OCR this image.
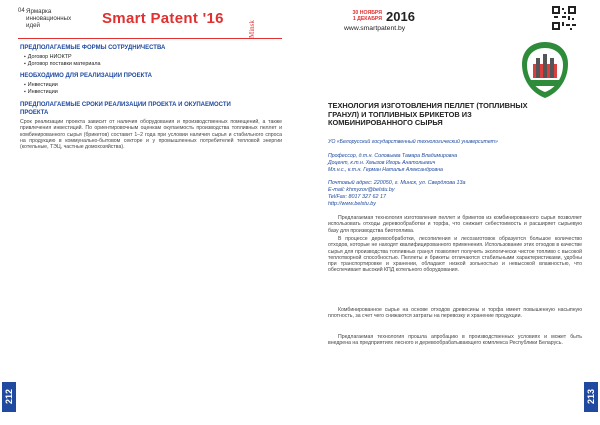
04 Ярмарка
инновационных
идей	Smart Patent '16
Minsk
ПРЕДПОЛАГАЕМЫЕ ФОРМЫ СОТРУДНИЧЕСТВА
▪ Договор НИОКТР
▪ Договор поставки материала
НЕОБХОДИМО ДЛЯ РЕАЛИЗАЦИИ ПРОЕКТА
▪ Инвестиции
▪ Инвестиции
ПРЕДПОЛАГАЕМЫЕ СРОКИ РЕАЛИЗАЦИИ ПРОЕКТА И ОКУПАЕМОСТИ
ПРОЕКТА
Срок реализации проекта зависит от наличия оборудования и производственных помещений, а также привлечения инвестиций. По ориентировочным оценкам окупаемость производства топливных пеллет и комбинированного сырья (брикетов) составит 1–2 года при условии наличия сырья и стабильного спроса на продукцию в коммунально-бытовом секторе и у промышленных потребителей тепловой энергии (котельные, ТЭЦ, частные домохозяйства).
212
30 НОЯБРЯ
1 ДЕКАБРЯ 2016
www.smartpatent.by
ТЕХНОЛОГИЯ ИЗГОТОВЛЕНИЯ ПЕЛЛЕТ (ТОПЛИВНЫХ ГРАНУЛ) И ТОПЛИВНЫХ БРИКЕТОВ ИЗ КОМБИНИРОВАННОГО СЫРЬЯ
УО «Белорусский государственный технологический университет»
Профессор, д.т.н. Соловьева Тамара Владимировна
Доцент, к.т.н. Хмызов Игорь Анатольевич
Мл.н.с., к.т.н. Герман Наталья Александровна
Почтовый адрес: 220050, г. Минск, ул. Свердлова 13а
E-mail: khmyzov@belstu.by
Tel/Fax: 8017 327 62 17
http://www.belstu.by
Предлагаемая технология изготовления пеллет и брикетов из комбинированного сырья позволяет использовать отходы деревообработки и торфа, что снижает себестоимость и расширяет сырьевую базу для производства биотоплива.
В процессе деревообработки, лесопиления и лесозаготовок образуется большое количество отходов, которые не находят квалифицированного применения. Использование этих отходов в качестве сырья для производства топливных гранул позволяет получить экологически чистое топливо с высокой теплотворной способностью. Пеллеты и брикеты отличаются стабильными характеристиками, удобны при транспортировке и хранении, обладают низкой зольностью и невысокой влажностью, что обеспечивает высокий КПД котельного оборудования.
Комбинированное сырье на основе отходов древесины и торфа имеет повышенную насыпную плотность, за счет чего снижаются затраты на перевозку и хранение продукции.
Предлагаемая технология прошла апробацию в производственных условиях и может быть внедрена на предприятиях лесного и деревообрабатывающего комплекса Республики Беларусь.
213
